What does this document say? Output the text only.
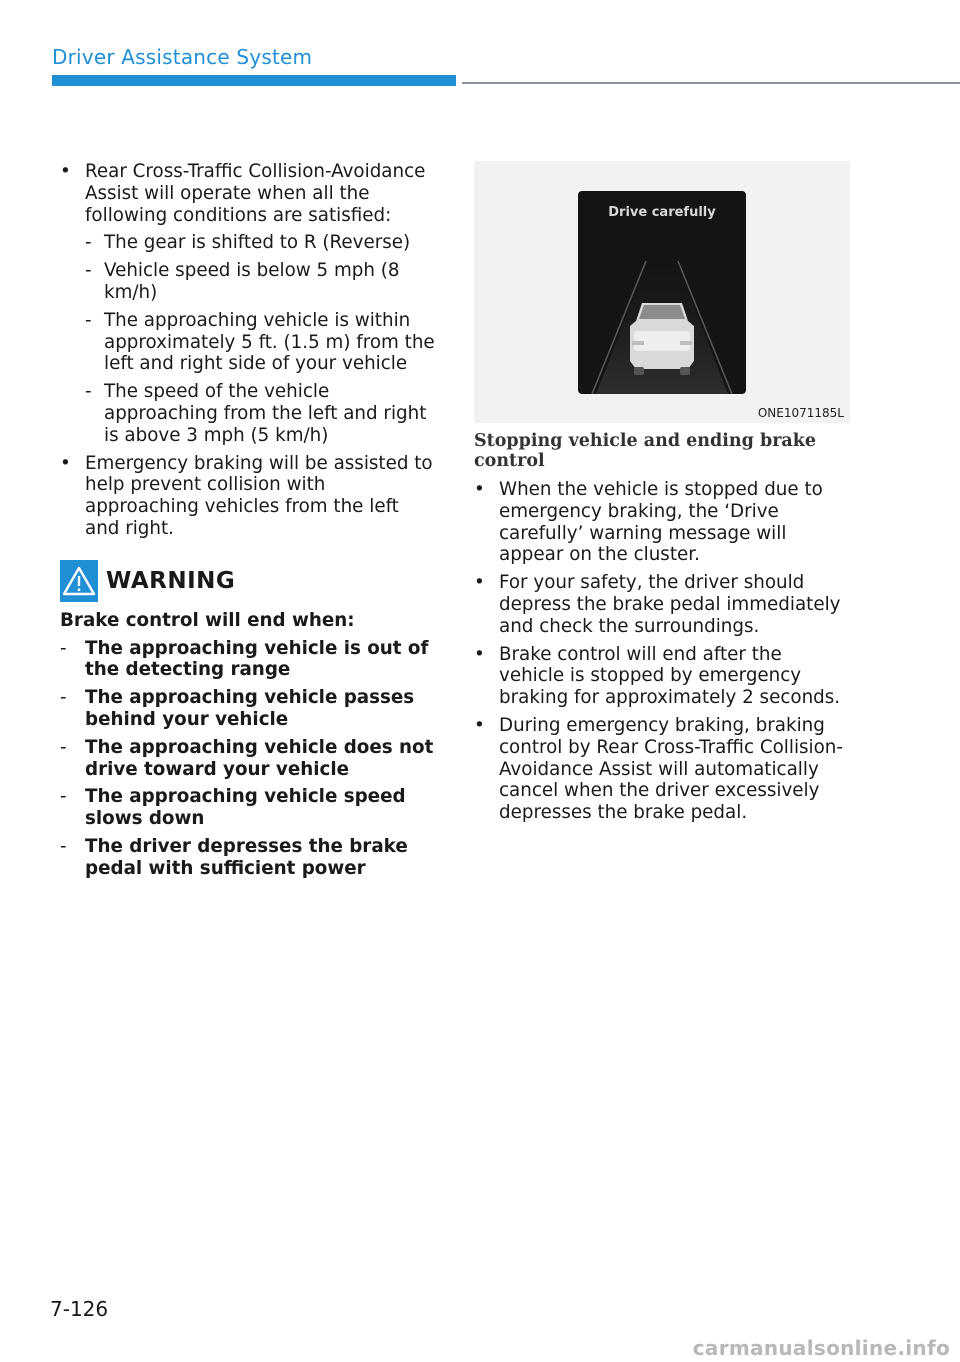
Driver Assistance System
• Rear Cross-Traffic Collision-Avoidance Assist will operate when all the following conditions are satisfied:
- The gear is shifted to R (Reverse)
- Vehicle speed is below 5 mph (8 km/h)
- The approaching vehicle is within approximately 5 ft. (1.5 m) from the left and right side of your vehicle
- The speed of the vehicle approaching from the left and right is above 3 mph (5 km/h)
• Emergency braking will be assisted to help prevent collision with approaching vehicles from the left and right.
WARNING
Brake control will end when:
- The approaching vehicle is out of the detecting range
- The approaching vehicle passes behind your vehicle
- The approaching vehicle does not drive toward your vehicle
- The approaching vehicle speed slows down
- The driver depresses the brake pedal with sufficient power
Drive carefully
ONE1071185L
Stopping vehicle and ending brake control
• When the vehicle is stopped due to emergency braking, the ‘Drive carefully’ warning message will appear on the cluster.
• For your safety, the driver should depress the brake pedal immediately and check the surroundings.
• Brake control will end after the vehicle is stopped by emergency braking for approximately 2 seconds.
• During emergency braking, braking control by Rear Cross-Traffic Collision-Avoidance Assist will automatically cancel when the driver excessively depresses the brake pedal.
7-126
carmanualsonline.info
